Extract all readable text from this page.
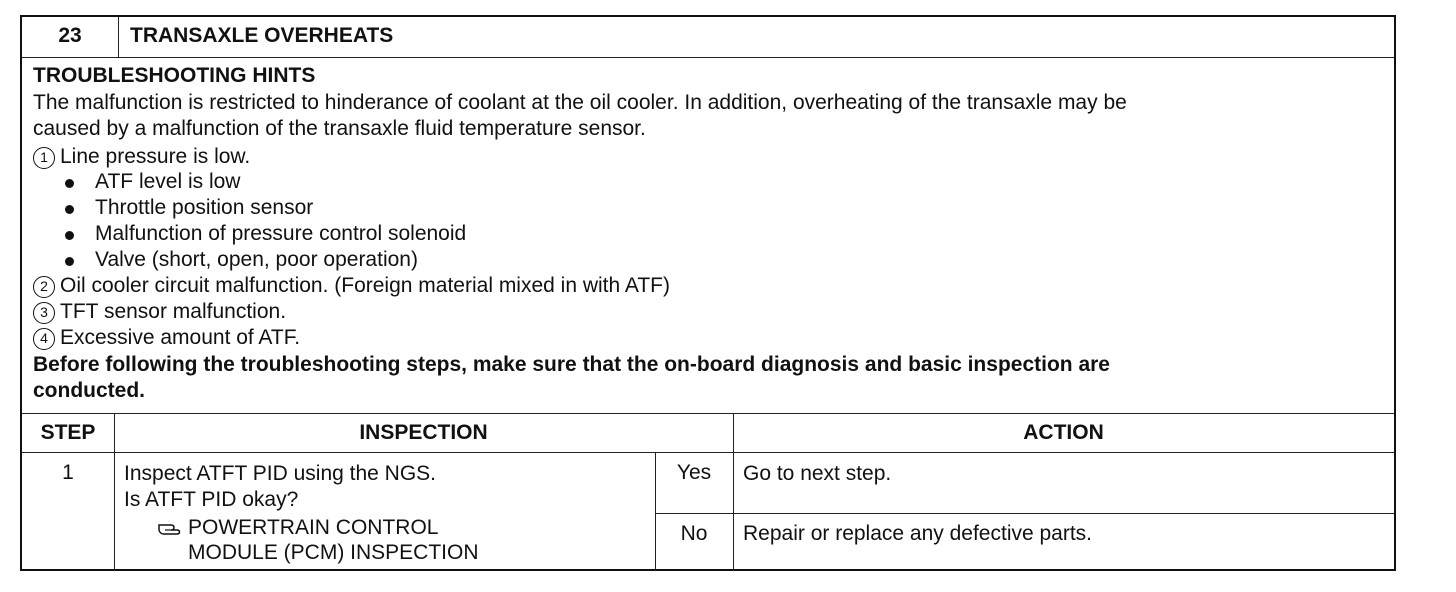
23	TRANSAXLE OVERHEATS
TROUBLESHOOTING HINTS
The malfunction is restricted to hinderance of coolant at the oil cooler. In addition, overheating of the transaxle may be
caused by a malfunction of the transaxle fluid temperature sensor.
1 Line pressure is low.
ATF level is low
Throttle position sensor
Malfunction of pressure control solenoid
Valve (short, open, poor operation)
2 Oil cooler circuit malfunction. (Foreign material mixed in with ATF)
3 TFT sensor malfunction.
4 Excessive amount of ATF.
Before following the troubleshooting steps, make sure that the on-board diagnosis and basic inspection are
conducted.
STEP	INSPECTION	ACTION
1	Inspect ATFT PID using the NGS.
Is ATFT PID okay?
POWERTRAIN CONTROL
MODULE (PCM) INSPECTION
Yes	Go to next step.
No	Repair or replace any defective parts.
